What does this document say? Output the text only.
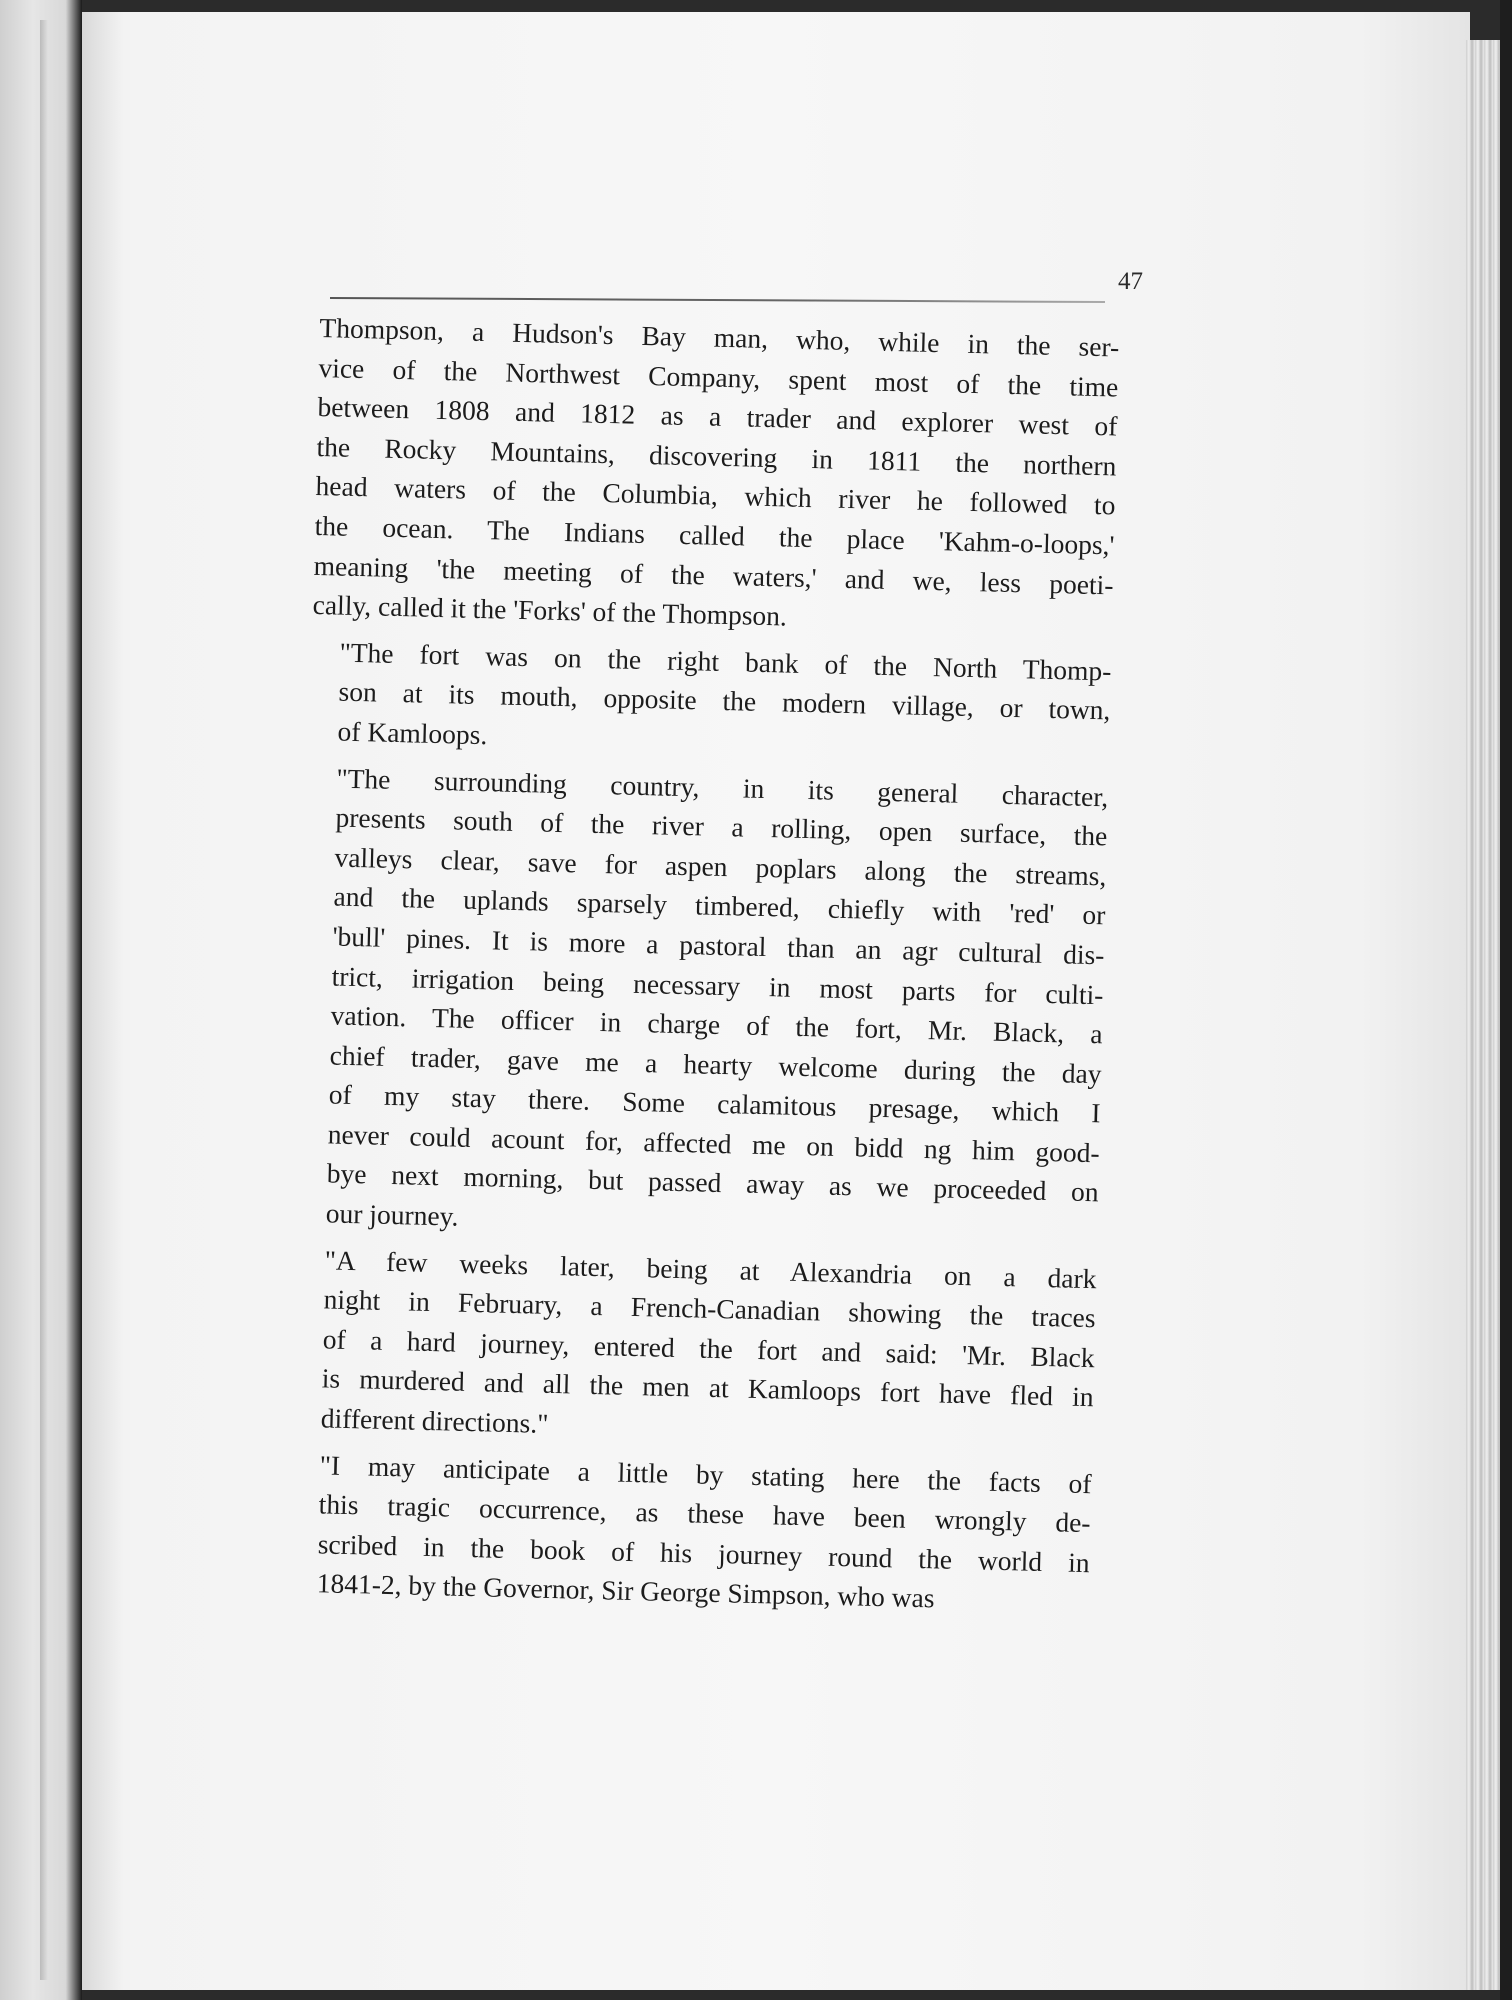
47

Thompson, a Hudson's Bay man, who, while in the ser-
vice of the Northwest Company, spent most of the time
between 1808 and 1812 as a trader and explorer west of
the Rocky Mountains, discovering in 1811 the northern
head waters of the Columbia, which river he followed to
the ocean. The Indians called the place 'Kahm-o-loops,'
meaning 'the meeting of the waters,' and we, less poeti-
cally, called it the 'Forks' of the Thompson.

"The fort was on the right bank of the North Thomp-
son at its mouth, opposite the modern village, or town,
of Kamloops.

"The surrounding country, in its general character,
presents south of the river a rolling, open surface, the
valleys clear, save for aspen poplars along the streams,
and the uplands sparsely timbered, chiefly with 'red' or
'bull' pines. It is more a pastoral than an agr cultural dis-
trict, irrigation being necessary in most parts for culti-
vation. The officer in charge of the fort, Mr. Black, a
chief trader, gave me a hearty welcome during the day
of my stay there. Some calamitous presage, which I
never could acount for, affected me on bidd ng him good-
bye next morning, but passed away as we proceeded on
our journey.

"A few weeks later, being at Alexandria on a dark
night in February, a French-Canadian showing the traces
of a hard journey, entered the fort and said: 'Mr. Black
is murdered and all the men at Kamloops fort have fled in
different directions."

"I may anticipate a little by stating here the facts of
this tragic occurrence, as these have been wrongly de-
scribed in the book of his journey round the world in
1841-2, by the Governor, Sir George Simpson, who was
